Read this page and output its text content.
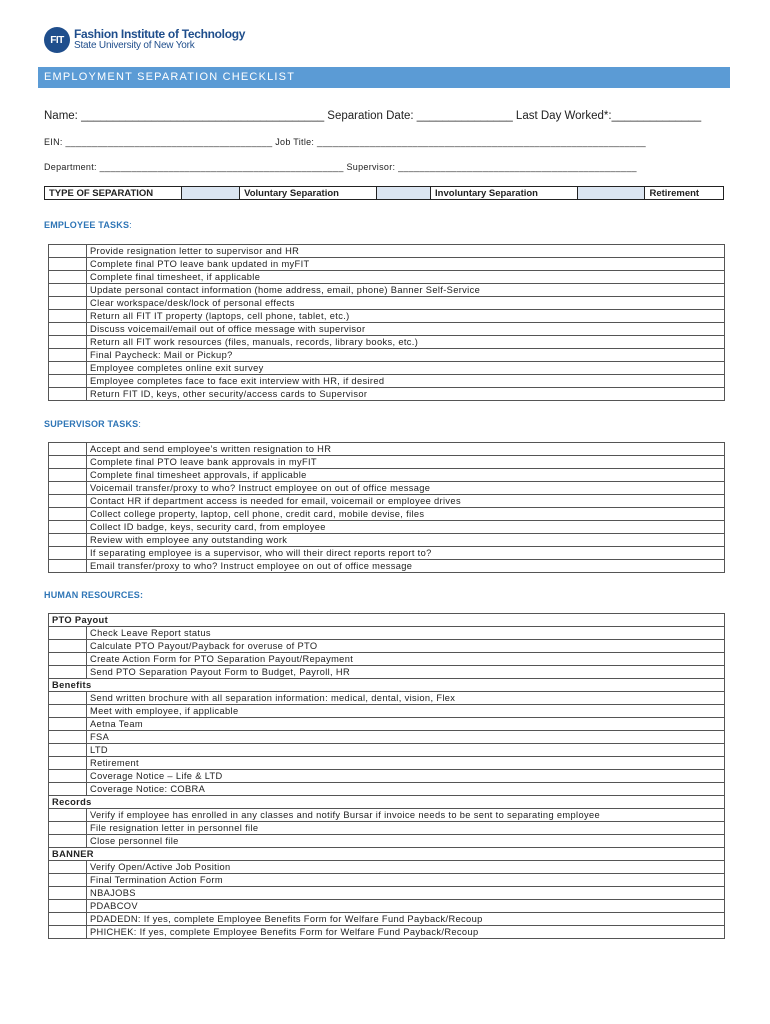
FIT Fashion Institute of Technology
State University of New York
EMPLOYMENT SEPARATION CHECKLIST
Name: ______________________________________ Separation Date: _______________ Last Day Worked*:______________
EIN: _______________________________________ Job Title: ______________________________________________________________
Department: ______________________________________________ Supervisor: _____________________________________________
TYPE OF SEPARATION		Voluntary Separation		Involuntary Separation		Retirement
EMPLOYEE TASKS:
	Provide resignation letter to supervisor and HR
	Complete final PTO leave bank updated in myFIT
	Complete final timesheet, if applicable
	Update personal contact information (home address, email, phone) Banner Self-Service
	Clear workspace/desk/lock of personal effects
	Return all FIT IT property (laptops, cell phone, tablet, etc.)
	Discuss voicemail/email out of office message with supervisor
	Return all FIT work resources (files, manuals, records, library books, etc.)
	Final Paycheck: Mail or Pickup?
	Employee completes online exit survey
	Employee completes face to face exit interview with HR, if desired
	Return FIT ID, keys, other security/access cards to Supervisor
SUPERVISOR TASKS:
	Accept and send employee’s written resignation to HR
	Complete final PTO leave bank approvals in myFIT
	Complete final timesheet approvals, if applicable
	Voicemail transfer/proxy to who? Instruct employee on out of office message
	Contact HR if department access is needed for email, voicemail or employee drives
	Collect college property, laptop, cell phone, credit card, mobile devise, files
	Collect ID badge, keys, security card, from employee
	Review with employee any outstanding work
	If separating employee is a supervisor, who will their direct reports report to?
	Email transfer/proxy to who? Instruct employee on out of office message
HUMAN RESOURCES:
PTO Payout	
	Check Leave Report status
	Calculate PTO Payout/Payback for overuse of PTO
	Create Action Form for PTO Separation Payout/Repayment
	Send PTO Separation Payout Form to Budget, Payroll, HR
Benefits	
	Send written brochure with all separation information: medical, dental, vision, Flex
	Meet with employee, if applicable
	Aetna Team
	FSA
	LTD
	Retirement
	Coverage Notice – Life & LTD
	Coverage Notice: COBRA
Records	
	Verify if employee has enrolled in any classes and notify Bursar if invoice needs to be sent to separating employee
	File resignation letter in personnel file
	Close personnel file
BANNER	
	Verify Open/Active Job Position
	Final Termination Action Form
	NBAJOBS
	PDABCOV
	PDADEDN: If yes, complete Employee Benefits Form for Welfare Fund Payback/Recoup
	PHICHEK: If yes, complete Employee Benefits Form for Welfare Fund Payback/Recoup
